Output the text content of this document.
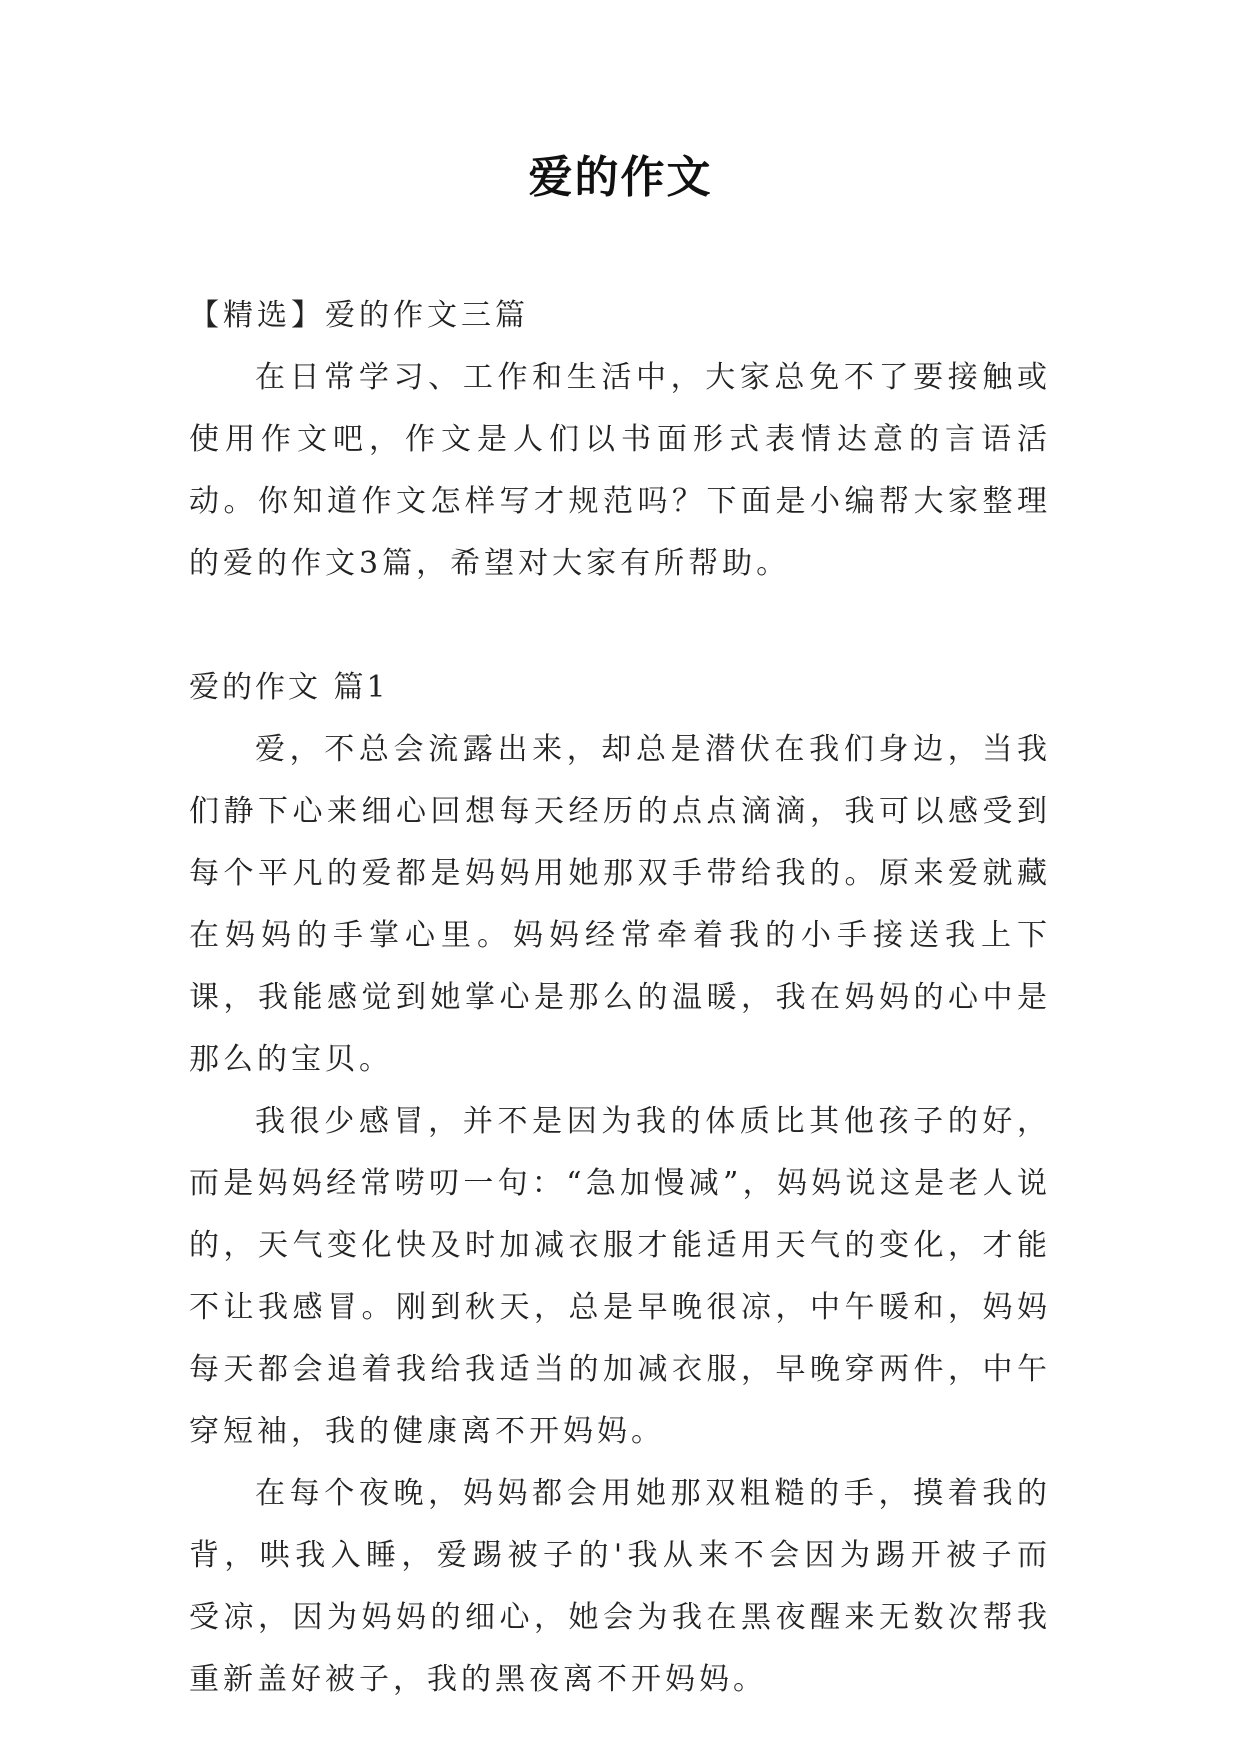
爱的作文

【精选】爱的作文三篇

在日常学习、工作和生活中，大家总免不了要接触或使用作文吧，作文是人们以书面形式表情达意的言语活动。你知道作文怎样写才规范吗？下面是小编帮大家整理的爱的作文3篇，希望对大家有所帮助。

爱的作文 篇1

爱，不总会流露出来，却总是潜伏在我们身边，当我们静下心来细心回想每天经历的点点滴滴，我可以感受到每个平凡的爱都是妈妈用她那双手带给我的。原来爱就藏在妈妈的手掌心里。妈妈经常牵着我的小手接送我上下课，我能感觉到她掌心是那么的温暖，我在妈妈的心中是那么的宝贝。

我很少感冒，并不是因为我的体质比其他孩子的好，而是妈妈经常唠叨一句：“急加慢减”，妈妈说这是老人说的，天气变化快及时加减衣服才能适用天气的变化，才能不让我感冒。刚到秋天，总是早晚很凉，中午暖和，妈妈每天都会追着我给我适当的加减衣服，早晚穿两件，中午穿短袖，我的健康离不开妈妈。

在每个夜晚，妈妈都会用她那双粗糙的手，摸着我的背，哄我入睡，爱踢被子的'我从来不会因为踢开被子而受凉，因为妈妈的细心，她会为我在黑夜醒来无数次帮我重新盖好被子，我的黑夜离不开妈妈。
